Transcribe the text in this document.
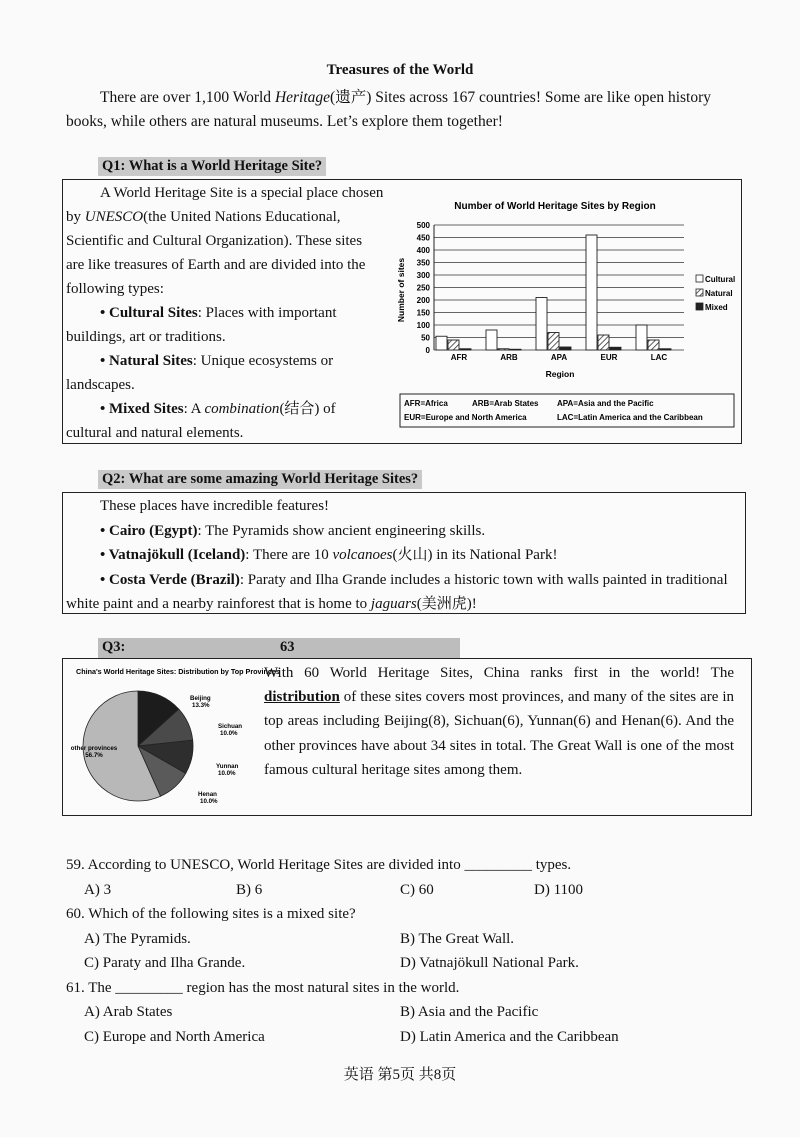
Treasures of the World
There are over 1,100 World Heritage(遗产) Sites across 167 countries! Some are like open history books, while others are natural museums. Let’s explore them together!
Q1: What is a World Heritage Site?

A World Heritage Site is a special place chosen by UNESCO(the United Nations Educational, Scientific and Cultural Organization). These sites are like treasures of Earth and are divided into the following types:

• Cultural Sites: Places with important buildings, art or traditions.

• Natural Sites: Unique ecosystems or landscapes.

• Mixed Sites: A combination(结合) of cultural and natural elements.

Number of World Heritage Sites by Region
0
50
100
150
200
250
300
350
400
450
500
AFR	ARB	APA	EUR	LAC
Region
Number of sites	Cultural
Natural
Mixed
AFR=Africa	ARB=Arab States APA=Asia and the Pacific
EUR=Europe and North America	LAC=Latin America and the Caribbean
Q2: What are some amazing World Heritage Sites?

These places have incredible features!

• Cairo (Egypt): The Pyramids show ancient engineering skills.

• Vatnajökull (Iceland): There are 10 volcanoes(火山) in its National Park!

• Costa Verde (Brazil): Paraty and Ilha Grande includes a historic town with walls painted in traditional white paint and a nearby rainforest that is home to jaguars(美洲虎)!

Q3:	63
China's World Heritage Sites: Distribution by Top Provinces
Beijing
13.3%
Sichuan
10.0%
Yunnan
10.0%
Henan
10.0%
other provinces
56.7%
With 60 World Heritage Sites, China ranks first in the world! The distribution of these sites covers most provinces, and many of the sites are in top areas including Beijing(8), Sichuan(6), Yunnan(6) and Henan(6). And the other provinces have about 34 sites in total. The Great Wall is one of the most famous cultural heritage sites among them.
59. According to UNESCO, World Heritage Sites are divided into _________ types.
A) 3	B) 6	C) 60	D) 1100
60. Which of the following sites is a mixed site?
A) The Pyramids.	B) The Great Wall.
C) Paraty and Ilha Grande.	D) Vatnajökull National Park.
61. The _________ region has the most natural sites in the world.
A) Arab States	B) Asia and the Pacific
C) Europe and North America	D) Latin America and the Caribbean
英语 第5页 共8页
